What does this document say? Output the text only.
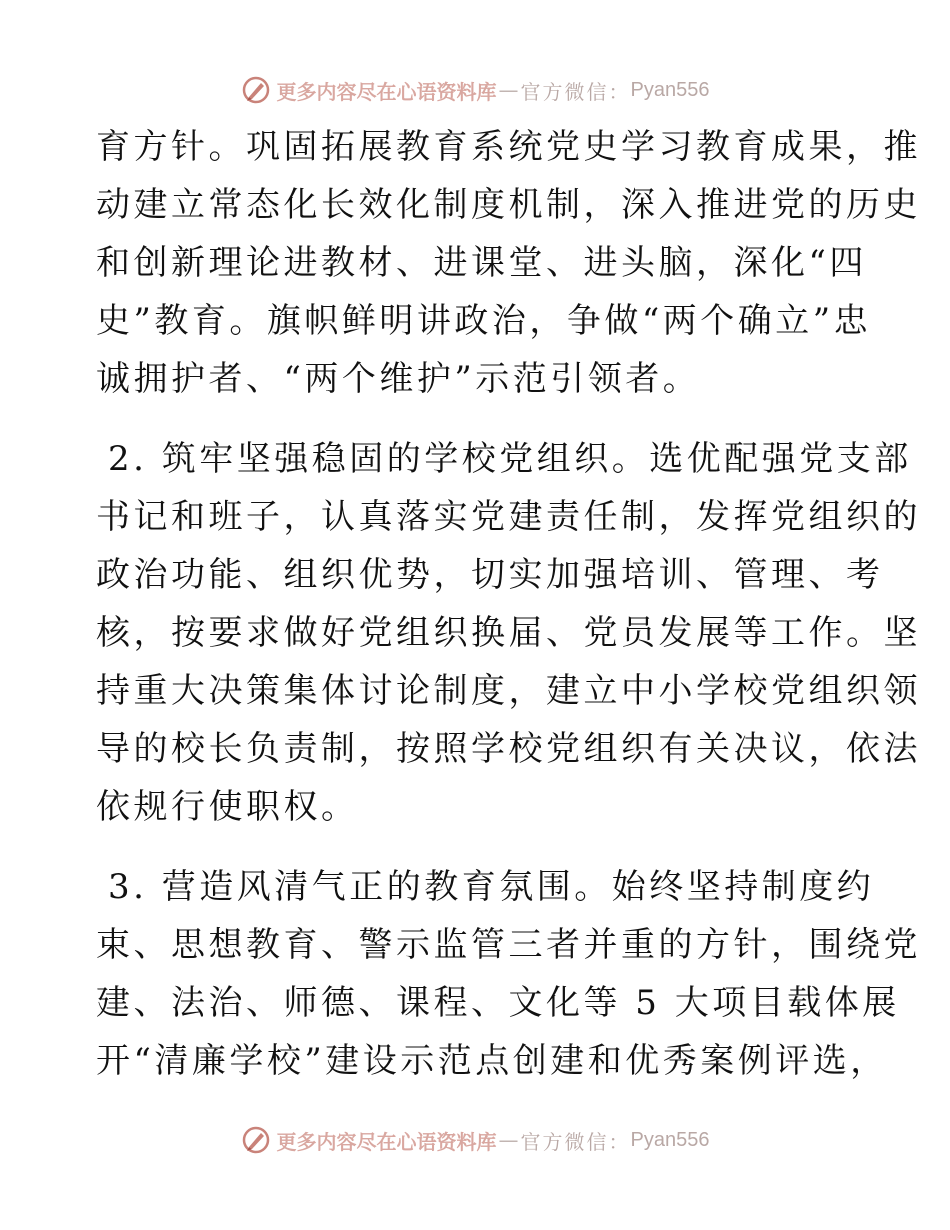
更多内容尽在心语资料库 — 官方微信： Pyan556
育方针。巩固拓展教育系统党史学习教育成果，推
动建立常态化长效化制度机制，深入推进党的历史
和创新理论进教材、进课堂、进头脑，深化“四
史”教育。旗帜鲜明讲政治，争做“两个确立”忠
诚拥护者、“两个维护”示范引领者。
2. 筑牢坚强稳固的学校党组织。选优配强党支部
书记和班子，认真落实党建责任制，发挥党组织的
政治功能、组织优势，切实加强培训、管理、考
核，按要求做好党组织换届、党员发展等工作。坚
持重大决策集体讨论制度，建立中小学校党组织领
导的校长负责制，按照学校党组织有关决议，依法
依规行使职权。
3. 营造风清气正的教育氛围。始终坚持制度约
束、思想教育、警示监管三者并重的方针，围绕党
建、法治、师德、课程、文化等 5 大项目载体展
开“清廉学校”建设示范点创建和优秀案例评选，
更多内容尽在心语资料库 — 官方微信： Pyan556
